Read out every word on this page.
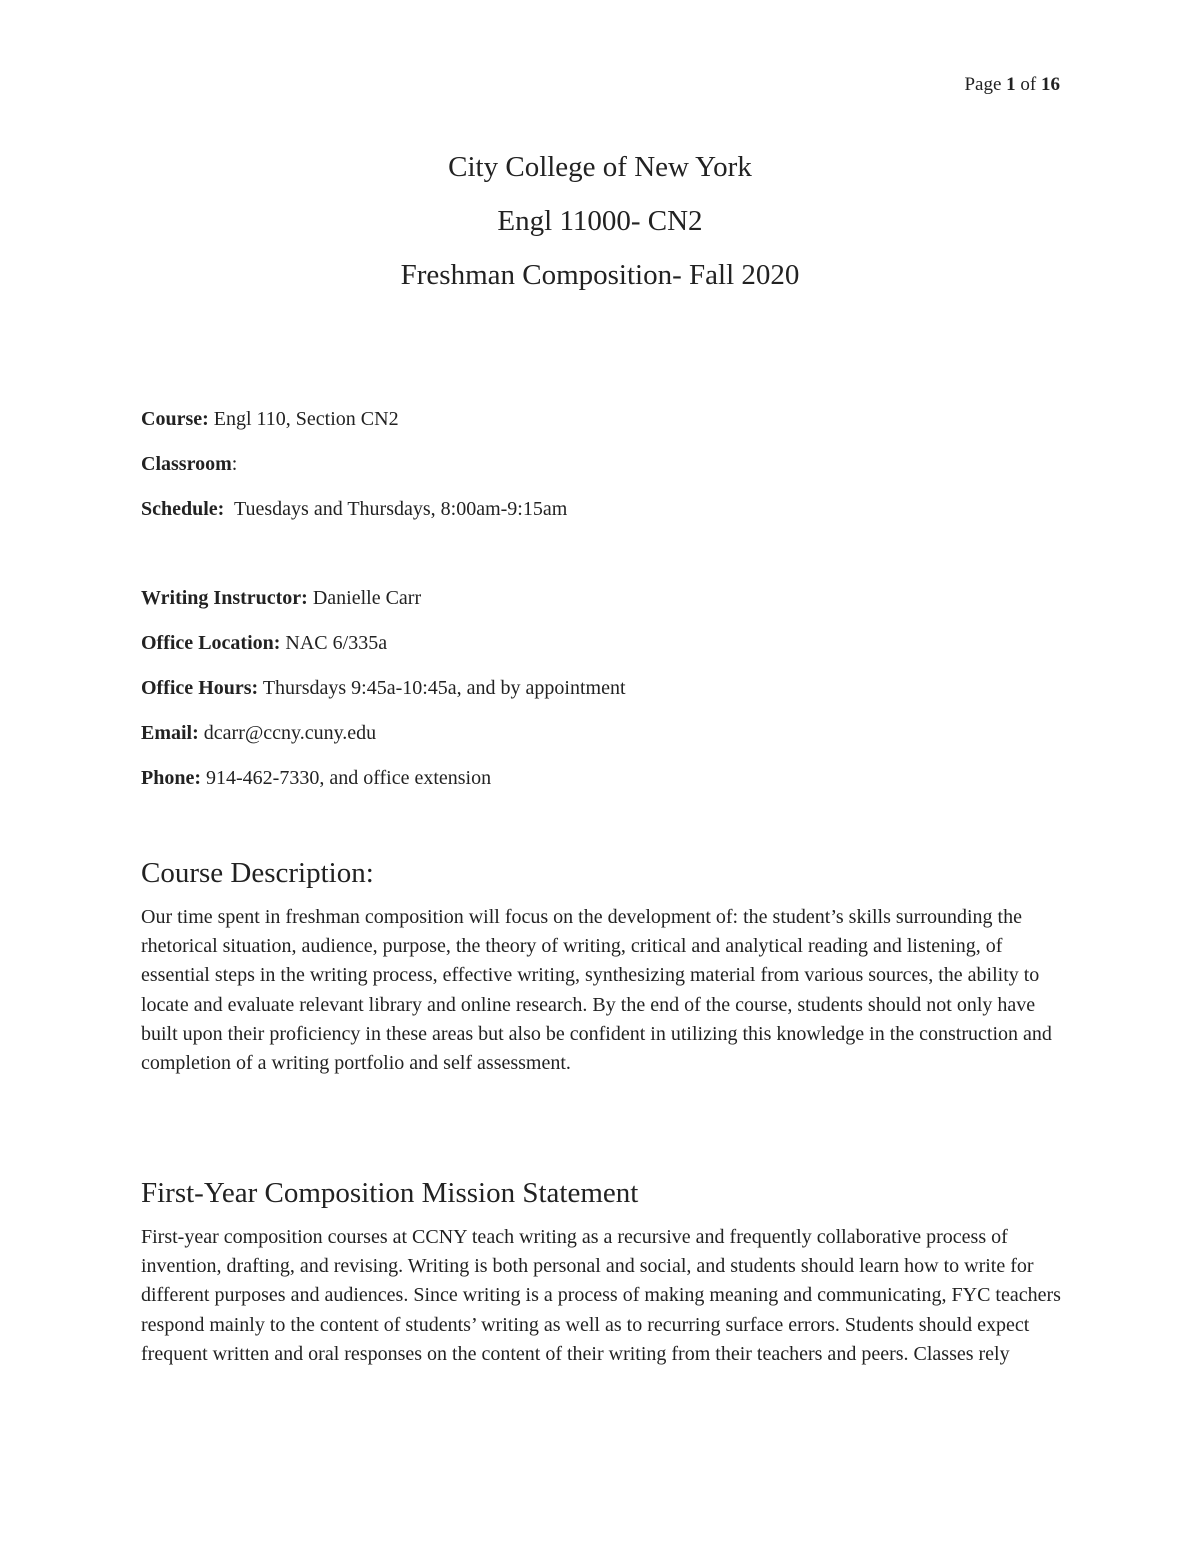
Page 1 of 16
City College of New York
Engl 11000- CN2
Freshman Composition- Fall 2020
Course: Engl 110, Section CN2
Classroom:
Schedule:  Tuesdays and Thursdays, 8:00am-9:15am
Writing Instructor: Danielle Carr
Office Location: NAC 6/335a
Office Hours: Thursdays 9:45a-10:45a, and by appointment
Email: dcarr@ccny.cuny.edu
Phone: 914-462-7330, and office extension
Course Description:

Our time spent in freshman composition will focus on the development of: the student’s skills surrounding the rhetorical situation, audience, purpose, the theory of writing, critical and analytical reading and listening, of essential steps in the writing process, effective writing, synthesizing material from various sources, the ability to locate and evaluate relevant library and online research. By the end of the course, students should not only have built upon their proficiency in these areas but also be confident in utilizing this knowledge in the construction and completion of a writing portfolio and self assessment.

First-Year Composition Mission Statement

First-year composition courses at CCNY teach writing as a recursive and frequently collaborative process of invention, drafting, and revising. Writing is both personal and social, and students should learn how to write for different purposes and audiences. Since writing is a process of making meaning and communicating, FYC teachers respond mainly to the content of students’ writing as well as to recurring surface errors. Students should expect frequent written and oral responses on the content of their writing from their teachers and peers. Classes rely
